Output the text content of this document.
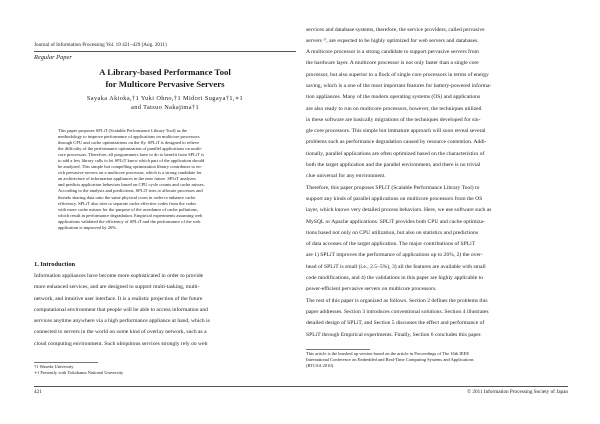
Journal of Information Processing Vol. 19 421–429 (Aug. 2011)
Regular Paper
A Library-based Performance Tool
for Multicore Pervasive Servers
Sayaka Akioka,†1 Yuki Ohno,†1 Midori Sugaya†1,∗1
and Tatsuo Nakajima†1
This paper proposes SPLiT (Scalable Performance Library Tool) as the
methodology to improve performance of applications on multicore processors
through CPU and cache optimizations on the fly. SPLiT is designed to relieve
the difficulty of the performance optimization of parallel applications on multi-
core processors. Therefore, all programmers have to do to benefit from SPLiT is
to add a few library calls to let SPLiT know which part of the application should
be analyzed. This simple but compelling optimization library contributes to en-
rich pervasive servers on a multicore processor, which is a strong candidate for
an architecture of information appliances in the near future. SPLiT analyzes
and predicts application behaviors based on CPU cycle counts and cache misses.
According to the analysis and predictions, SPLiT tries to allocate processes and
threads sharing data onto the same physical cores in order to enhance cache
efficiency. SPLiT also tries to separate cache effective codes from the codes
with more cache misses for the purpose of the avoidance of cache pollutions,
which result in performance degradation. Empirical experiments assuming web
applications validated the efficiency of SPLiT and the performance of the web
application is improved by 26%.
1. Introduction
Information appliances have become more sophisticated in order to provide
more enhanced services, and are designed to support multi-tasking, multi-
network, and intuitive user interface. It is a realistic projection of the future
computational environment that people will be able to access information and
services anytime anywhere via a high performance appliance at hand, which is
connected to servers in the world on some kind of overlay network, such as a
cloud computing environment. Such ubiquitous services strongly rely on web
†1 Waseda University
∗1 Presently with Yokohama National University
services and database systems, therefore, the service providers, called pervasive
servers ¹⁾, are expected to be highly optimized for web servers and databases.
A multicore processor is a strong candidate to support pervasive servers from
the hardware layer. A multicore processor is not only faster than a single core
processor, but also superior to a flock of single core processors in terms of energy
saving, which is a one of the most important features for battery-powered informa-
tion appliances. Many of the modern operating systems (OS) and applications
are also ready to run on multicore processors, however, the techniques utilized
in these software are basically migrations of the techniques developed for sin-
gle core processors. This simple but immature approach will soon reveal several
problems such as performance degradation caused by resource contention. Addi-
tionally, parallel applications are often optimized based on the characteristics of
both the target application and the parallel environment, and there is no trivial
clue universal for any environment.
Therefore, this paper proposes SPLiT (Scalable Performance Library Tool) to
support any kinds of parallel applications on multicore processors from the OS
layer, which knows very detailed process behaviors. Here, we use software such as
MySQL or Apache applications. SPLiT provides both CPU and cache optimiza-
tions based not only on CPU utilization, but also on statistics and predictions
of data accesses of the target application. The major contributions of SPLiT
are 1) SPLiT improves the performance of applications up to 26%, 2) the over-
head of SPLiT is small (i.e., 2.5–5%), 3) all the features are available with small
code modifications, and 4) the validations in this paper are highly applicable to
power-efficient pervasive servers on multicore processors.
The rest of this paper is organized as follows. Section 2 defines the problems this
paper addresses. Section 3 introduces conventional solutions. Section 4 illustrates
detailed design of SPLiT, and Section 5 discusses the effect and performance of
SPLiT through Empirical experiments. Finally, Section 6 concludes this paper.
This article is the brushed up version based on the article in Proceedings of The 16th IEEE
International Conference on Embedded and Real-Time Computing Systems and Applications
(RTCSA 2010).
421	© 2011 Information Processing Society of Japan
